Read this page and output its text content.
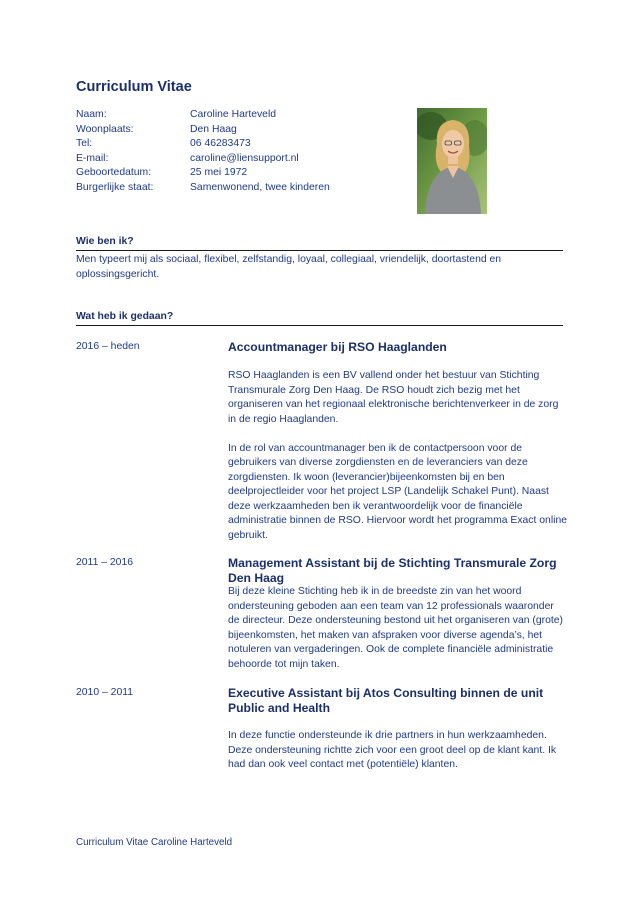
Curriculum Vitae
Naam:	Caroline Harteveld
Woonplaats:	Den Haag
Tel:	06 46283473
E-mail:	caroline@liensupport.nl
Geboortedatum:	25 mei 1972
Burgerlijke staat:	Samenwonend, twee kinderen
Wie ben ik?

Men typeert mij als sociaal, flexibel, zelfstandig, loyaal, collegiaal, vriendelijk, doortastend en oplossingsgericht.

Wat heb ik gedaan?
2016 – heden	Accountmanager bij RSO Haaglanden

RSO Haaglanden is een BV vallend onder het bestuur van Stichting Transmurale Zorg Den Haag. De RSO houdt zich bezig met het organiseren van het regionaal elektronische berichtenverkeer in de zorg in de regio Haaglanden.

In de rol van accountmanager ben ik de contactpersoon voor de gebruikers van diverse zorgdiensten en de leveranciers van deze zorgdiensten. Ik woon (leverancier)bijeenkomsten bij en ben deelprojectleider voor het project LSP (Landelijk Schakel Punt). Naast deze werkzaamheden ben ik verantwoordelijk voor de financiële administratie binnen de RSO. Hiervoor wordt het programma Exact online gebruikt.

2011 – 2016	Management Assistant bij de Stichting Transmurale Zorg Den Haag

Bij deze kleine Stichting heb ik in de breedste zin van het woord ondersteuning geboden aan een team van 12 professionals waaronder de directeur. Deze ondersteuning bestond uit het organiseren van (grote) bijeenkomsten, het maken van afspraken voor diverse agenda’s, het notuleren van vergaderingen. Ook de complete financiële administratie behoorde tot mijn taken.

2010 – 2011	Executive Assistant bij Atos Consulting binnen de unit Public and Health

In deze functie ondersteunde ik drie partners in hun werkzaamheden. Deze ondersteuning richtte zich voor een groot deel op de klant kant. Ik had dan ook veel contact met (potentiële) klanten.

Curriculum Vitae Caroline Harteveld
